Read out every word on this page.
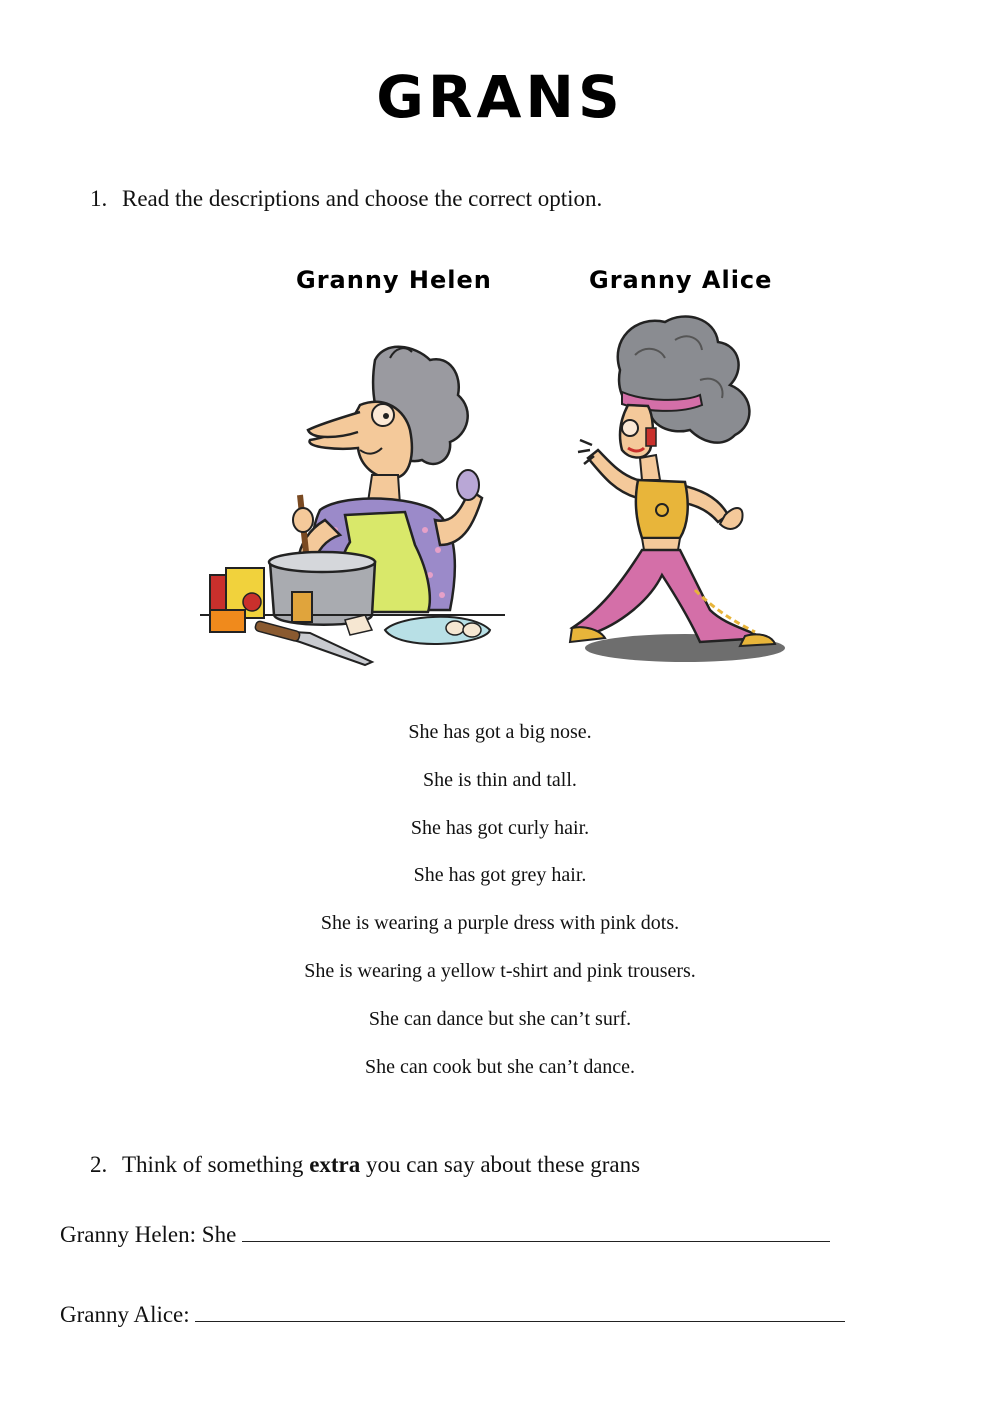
GRANS
1. Read the descriptions and choose the correct option.
Granny Helen	Granny Alice
She has got a big nose.
She is thin and tall.
She has got curly hair.
She has got grey hair.
She is wearing a purple dress with pink dots.
She is wearing a yellow t-shirt and pink trousers.
She can dance but she can’t surf.
She can cook but she can’t dance.
2. Think of something extra you can say about these grans
Granny Helen: She
Granny Alice:
